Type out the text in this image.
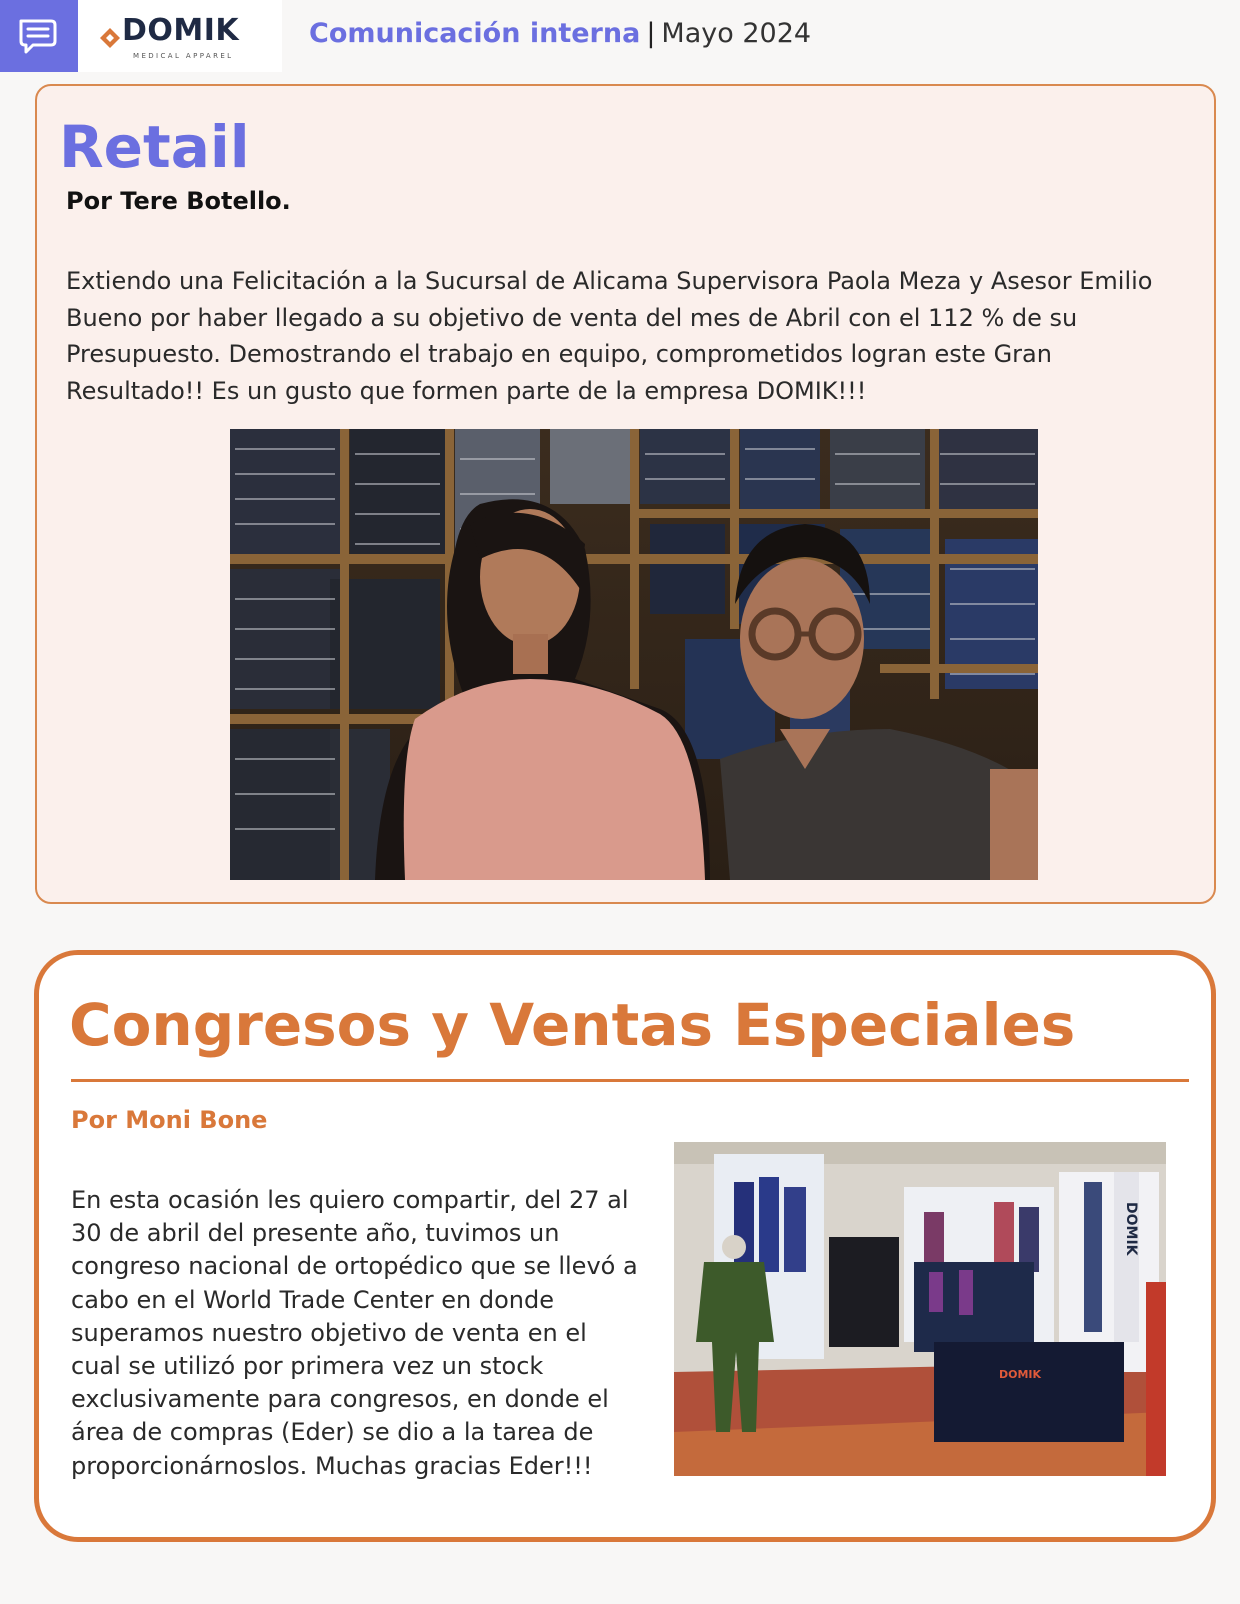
DOMIK
MEDICAL APPAREL
Comunicación interna | Mayo 2024
Retail
Por Tere Botello.
Extiendo una Felicitación a la Sucursal de Alicama Supervisora Paola Meza y Asesor Emilio Bueno por haber llegado a su objetivo de venta del mes de Abril con el 112 % de su Presupuesto. Demostrando el trabajo en equipo, comprometidos logran este Gran Resultado!! Es un gusto que formen parte de la empresa DOMIK!!!
Congresos y Ventas Especiales
Por Moni Bone
En esta ocasión les quiero compartir, del 27 al 30 de abril del presente año, tuvimos un congreso nacional de ortopédico que se llevó a cabo en el World Trade Center en donde superamos nuestro objetivo de venta en el cual se utilizó por primera vez un stock exclusivamente para congresos, en donde el área de compras (Eder) se dio a la tarea de proporcionárnoslos. Muchas gracias Eder!!!
DOMIK
DOMIK
